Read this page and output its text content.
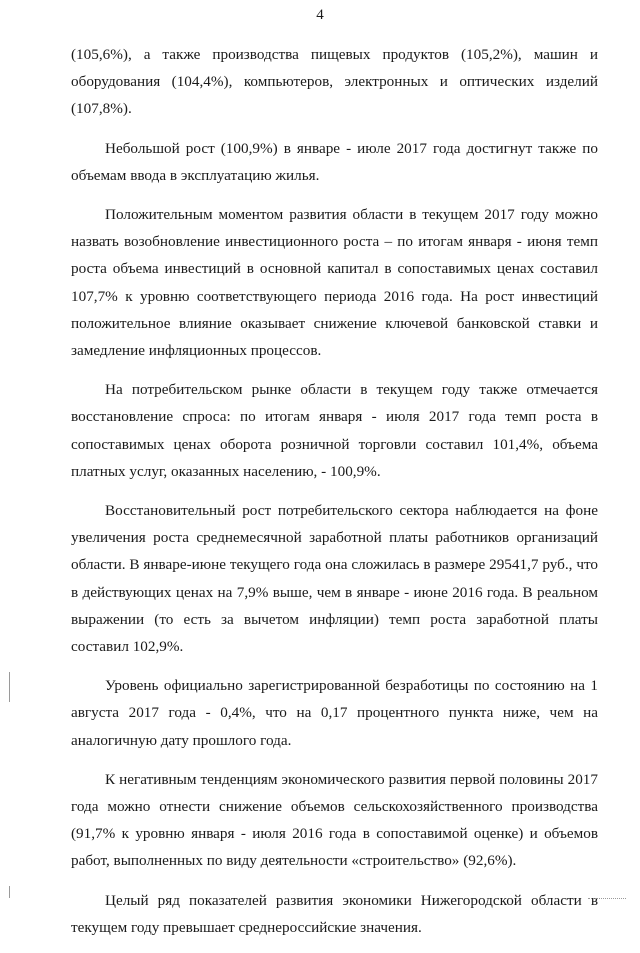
4

(105,6%), а также производства пищевых продуктов (105,2%), машин и оборудования (104,4%), компьютеров, электронных и оптических изделий (107,8%).

Небольшой рост (100,9%) в январе - июле 2017 года достигнут также по объемам ввода в эксплуатацию жилья.

Положительным моментом развития области в текущем 2017 году можно назвать возобновление инвестиционного роста – по итогам января - июня темп роста объема инвестиций в основной капитал в сопоставимых ценах составил 107,7% к уровню соответствующего периода 2016 года. На рост инвестиций положительное влияние оказывает снижение ключевой банковской ставки и замедление инфляционных процессов.

На потребительском рынке области в текущем году также отмечается восстановление спроса: по итогам января - июля 2017 года темп роста в сопоставимых ценах оборота розничной торговли составил 101,4%, объема платных услуг, оказанных населению, - 100,9%.

Восстановительный рост потребительского сектора наблюдается на фоне увеличения роста среднемесячной заработной платы работников организаций области. В январе-июне текущего года она сложилась в размере 29541,7 руб., что в действующих ценах на 7,9% выше, чем в январе - июне 2016 года. В реальном выражении (то есть за вычетом инфляции) темп роста заработной платы составил 102,9%.

Уровень официально зарегистрированной безработицы по состоянию на 1 августа 2017 года - 0,4%, что на 0,17 процентного пункта ниже, чем на аналогичную дату прошлого года.

К негативным тенденциям экономического развития первой половины 2017 года можно отнести снижение объемов сельскохозяйственного производства (91,7% к уровню января - июля 2016 года в сопоставимой оценке) и объемов работ, выполненных по виду деятельности «строительство» (92,6%).

Целый ряд показателей развития экономики Нижегородской области в текущем году превышает среднероссийские значения.
